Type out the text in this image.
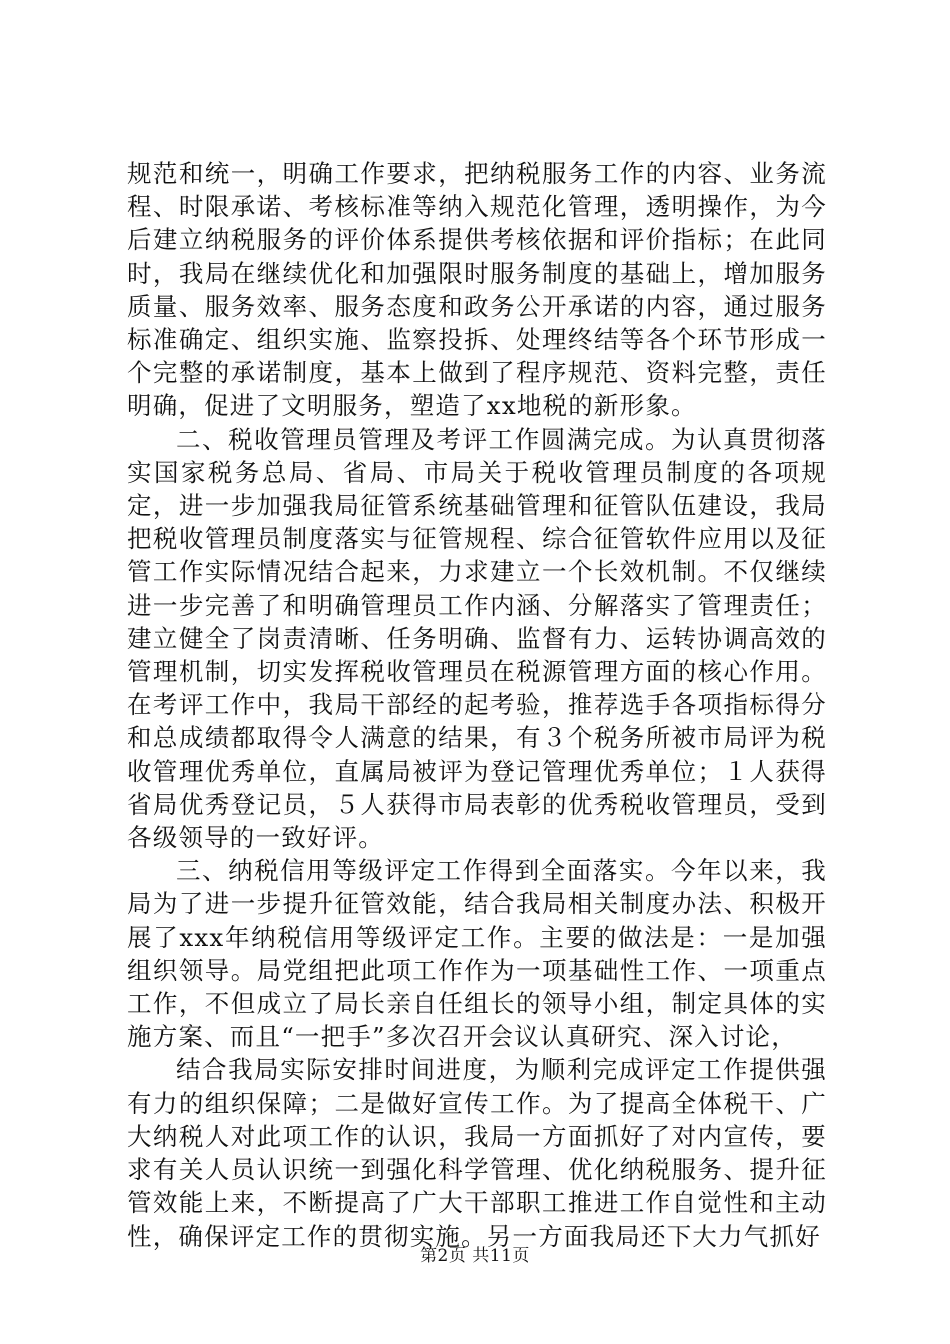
规范和统一，明确工作要求，把纳税服务工作的内容、业务流程、时限承诺、考核标准等纳入规范化管理，透明操作，为今后建立纳税服务的评价体系提供考核依据和评价指标；在此同时，我局在继续优化和加强限时服务制度的基础上，增加服务质量、服务效率、服务态度和政务公开承诺的内容，通过服务标准确定、组织实施、监察投拆、处理终结等各个环节形成一个完整的承诺制度，基本上做到了程序规范、资料完整，责任明确，促进了文明服务，塑造了xx地税的新形象。

二、税收管理员管理及考评工作圆满完成。为认真贯彻落实国家税务总局、省局、市局关于税收管理员制度的各项规定，进一步加强我局征管系统基础管理和征管队伍建设，我局把税收管理员制度落实与征管规程、综合征管软件应用以及征管工作实际情况结合起来，力求建立一个长效机制。不仅继续进一步完善了和明确管理员工作内涵、分解落实了管理责任；建立健全了岗责清晰、任务明确、监督有力、运转协调高效的管理机制，切实发挥税收管理员在税源管理方面的核心作用。在考评工作中，我局干部经的起考验，推荐选手各项指标得分和总成绩都取得令人满意的结果，有３个税务所被市局评为税收管理优秀单位，直属局被评为登记管理优秀单位；１人获得省局优秀登记员，５人获得市局表彰的优秀税收管理员，受到各级领导的一致好评。

三、纳税信用等级评定工作得到全面落实。今年以来，我局为了进一步提升征管效能，结合我局相关制度办法、积极开展了xxx年纳税信用等级评定工作。主要的做法是：一是加强组织领导。局党组把此项工作作为一项基础性工作、一项重点工作，不但成立了局长亲自任组长的领导小组，制定具体的实施方案、而且“一把手”多次召开会议认真研究、深入讨论，

结合我局实际安排时间进度，为顺利完成评定工作提供强有力的组织保障；二是做好宣传工作。为了提高全体税干、广大纳税人对此项工作的认识，我局一方面抓好了对内宣传，要求有关人员认识统一到强化科学管理、优化纳税服务、提升征管效能上来，不断提高了广大干部职工推进工作自觉性和主动性，确保评定工作的贯彻实施。另一方面我局还下大力气抓好

第2页 共11页
